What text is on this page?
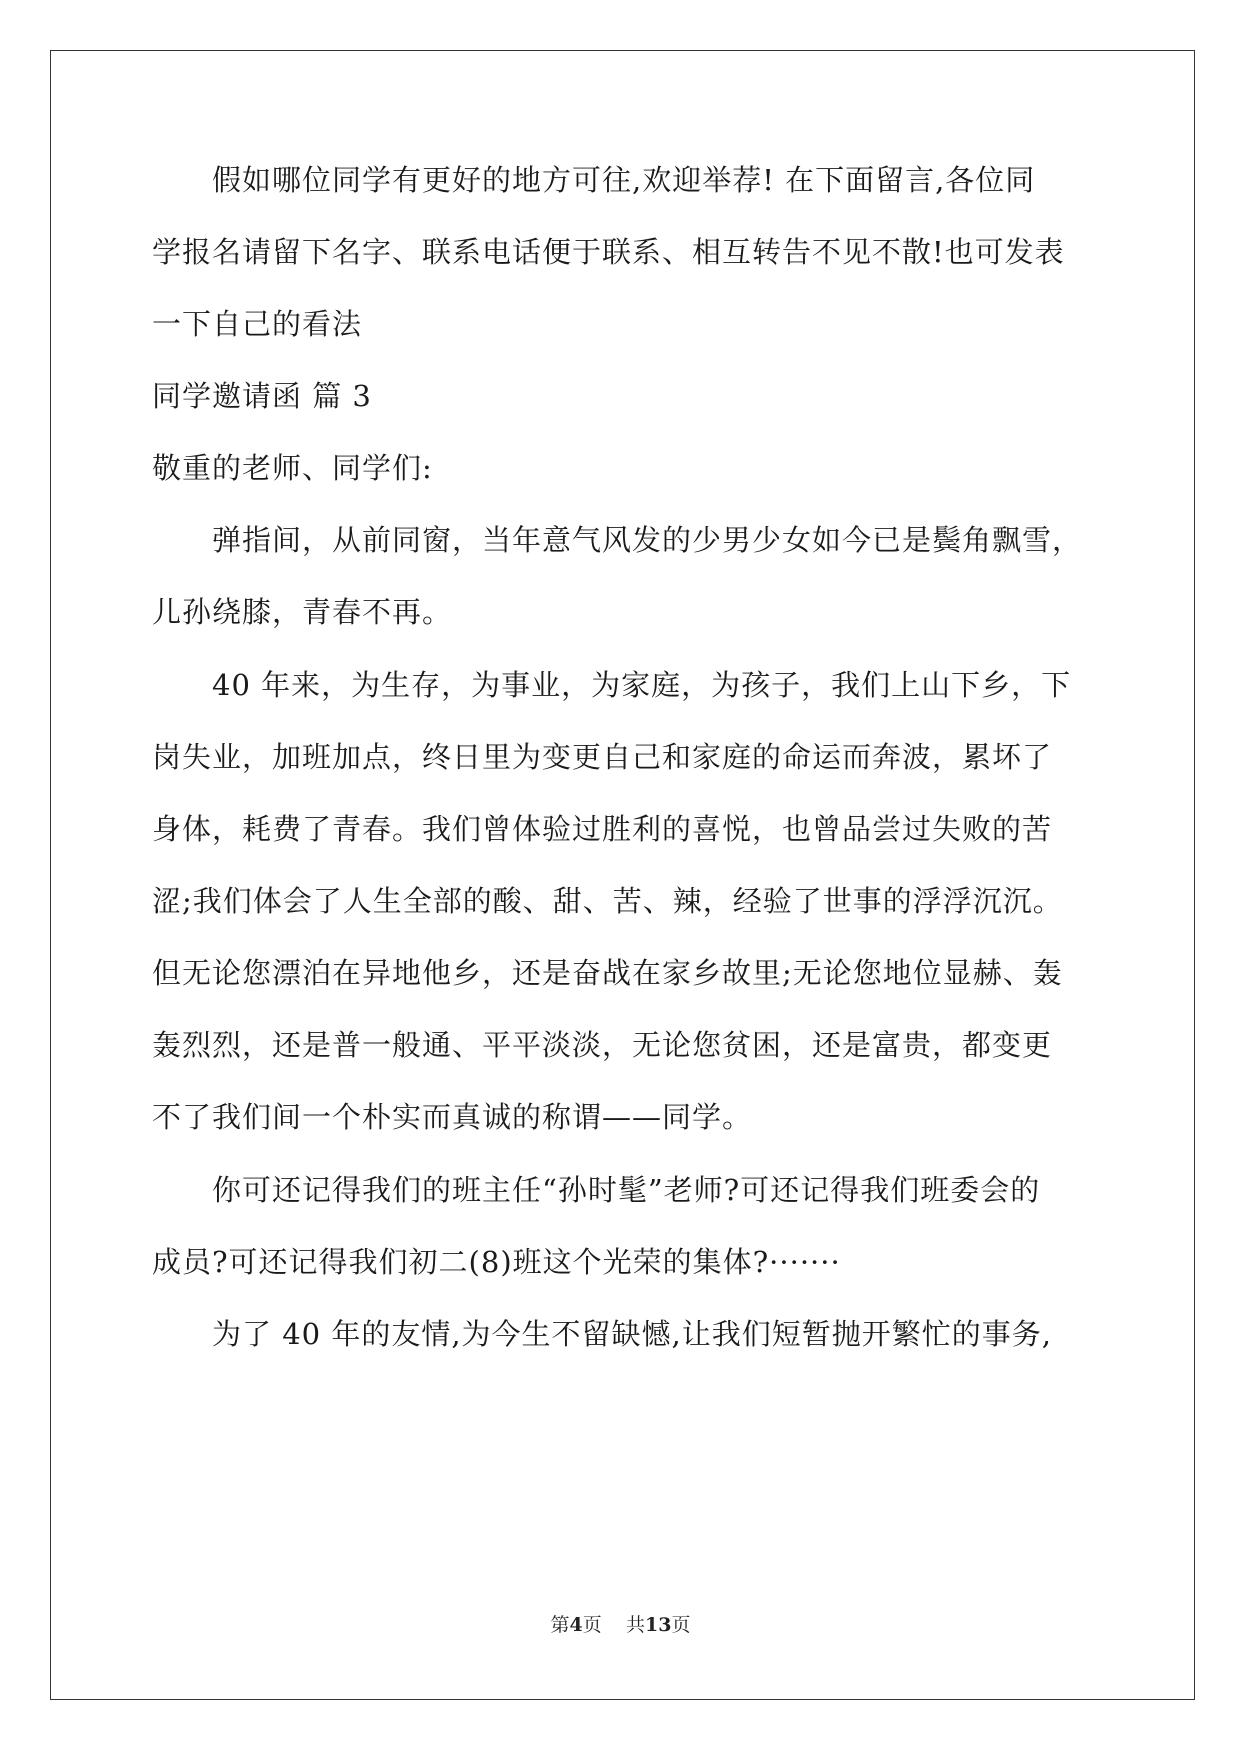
假如哪位同学有更好的地方可往,欢迎举荐! 在下面留言,各位同
学报名请留下名字、联系电话便于联系、相互转告不见不散!也可发表
一下自己的看法
同学邀请函 篇 3
敬重的老师、同学们:
弹指间，从前同窗，当年意气风发的少男少女如今已是鬓角飘雪，
儿孙绕膝，青春不再。
40 年来，为生存，为事业，为家庭，为孩子，我们上山下乡，下
岗失业，加班加点，终日里为变更自己和家庭的命运而奔波，累坏了
身体，耗费了青春。我们曾体验过胜利的喜悦，也曾品尝过失败的苦
涩;我们体会了人生全部的酸、甜、苦、辣，经验了世事的浮浮沉沉。
但无论您漂泊在异地他乡，还是奋战在家乡故里;无论您地位显赫、轰
轰烈烈，还是普一般通、平平淡淡，无论您贫困，还是富贵，都变更
不了我们间一个朴实而真诚的称谓——同学。
你可还记得我们的班主任“孙时髦”老师?可还记得我们班委会的
成员?可还记得我们初二(8)班这个光荣的集体?·······
为了 40 年的友情,为今生不留缺憾,让我们短暂抛开繁忙的事务,
第4页 共13页
